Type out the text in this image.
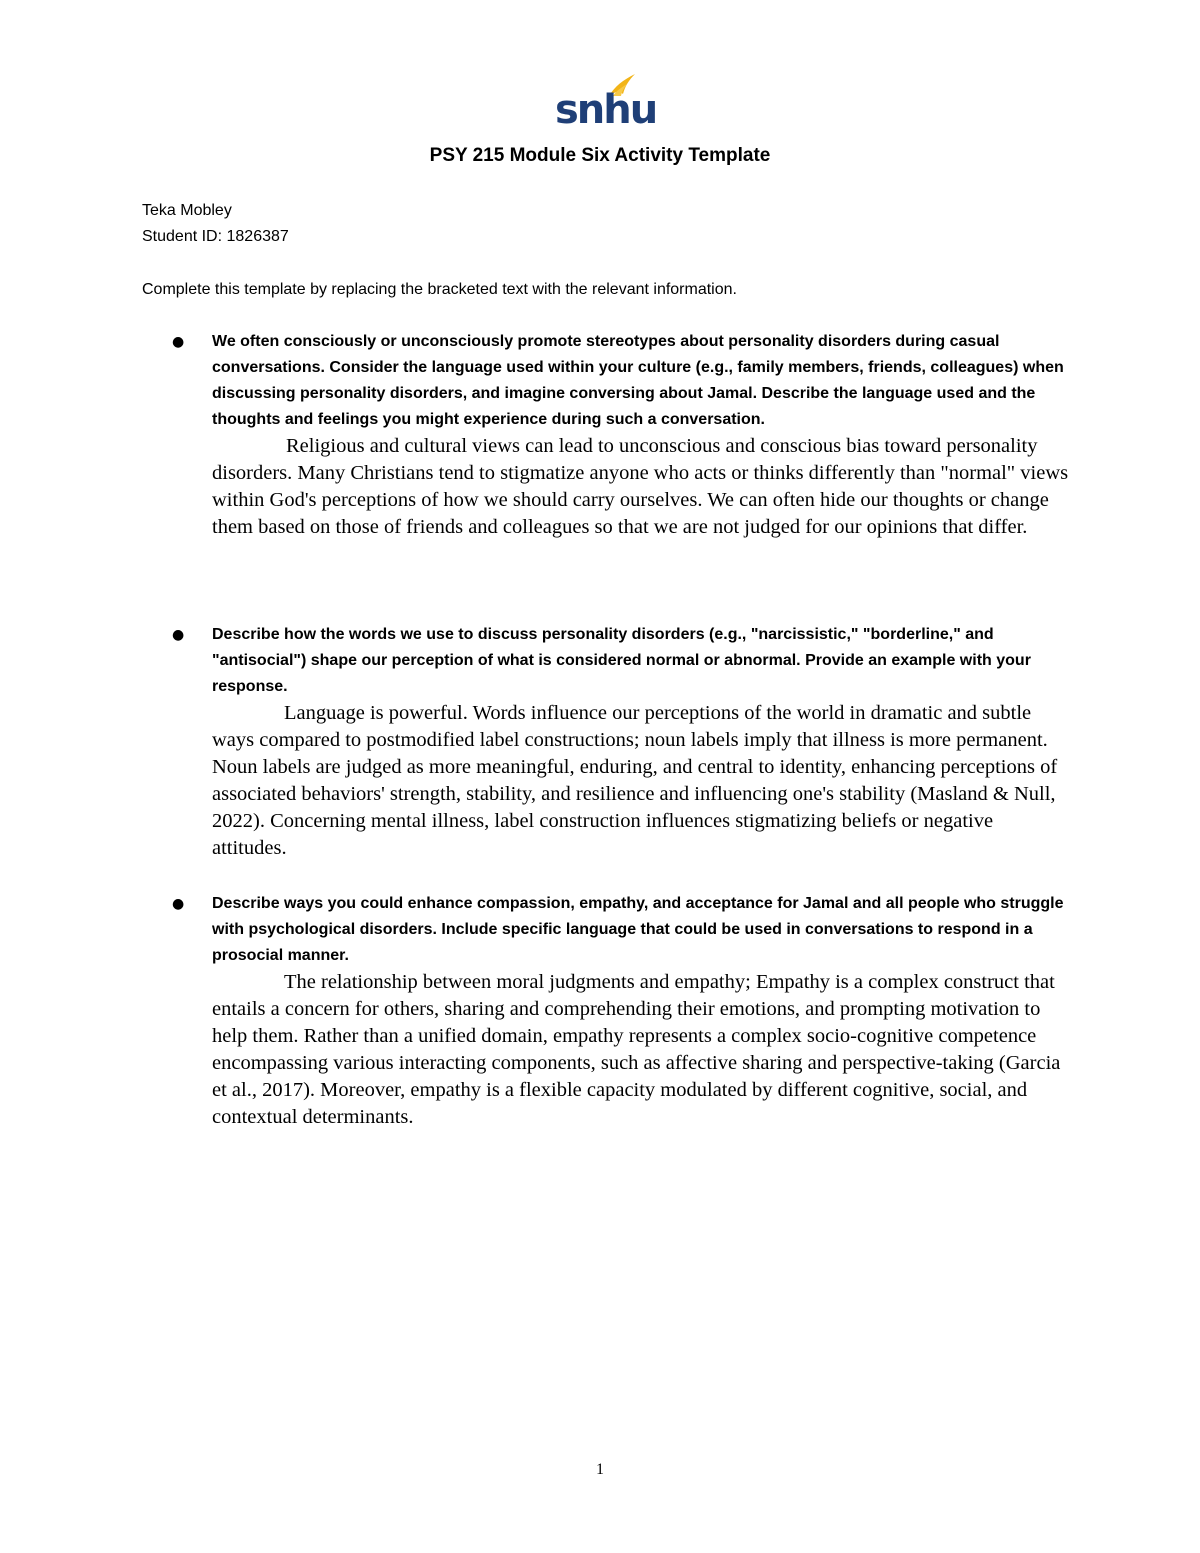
snhu

PSY 215 Module Six Activity Template

Teka Mobley

Student ID: 1826387

Complete this template by replacing the bracketed text with the relevant information.

● We often consciously or unconsciously promote stereotypes about personality disorders during casual conversations. Consider the language used within your culture (e.g., family members, friends, colleagues) when discussing personality disorders, and imagine conversing about Jamal. Describe the language used and the thoughts and feelings you might experience during such a conversation.

Religious and cultural views can lead to unconscious and conscious bias toward personality disorders. Many Christians tend to stigmatize anyone who acts or thinks differently than "normal" views within God's perceptions of how we should carry ourselves. We can often hide our thoughts or change them based on those of friends and colleagues so that we are not judged for our opinions that differ.

● Describe how the words we use to discuss personality disorders (e.g., "narcissistic," "borderline," and "antisocial") shape our perception of what is considered normal or abnormal. Provide an example with your response.

Language is powerful. Words influence our perceptions of the world in dramatic and subtle ways compared to postmodified label constructions; noun labels imply that illness is more permanent. Noun labels are judged as more meaningful, enduring, and central to identity, enhancing perceptions of associated behaviors' strength, stability, and resilience and influencing one's stability (Masland & Null, 2022). Concerning mental illness, label construction influences stigmatizing beliefs or negative attitudes.

● Describe ways you could enhance compassion, empathy, and acceptance for Jamal and all people who struggle with psychological disorders. Include specific language that could be used in conversations to respond in a prosocial manner.

The relationship between moral judgments and empathy; Empathy is a complex construct that entails a concern for others, sharing and comprehending their emotions, and prompting motivation to help them. Rather than a unified domain, empathy represents a complex socio-cognitive competence encompassing various interacting components, such as affective sharing and perspective-taking (Garcia et al., 2017). Moreover, empathy is a flexible capacity modulated by different cognitive, social, and contextual determinants.

1
